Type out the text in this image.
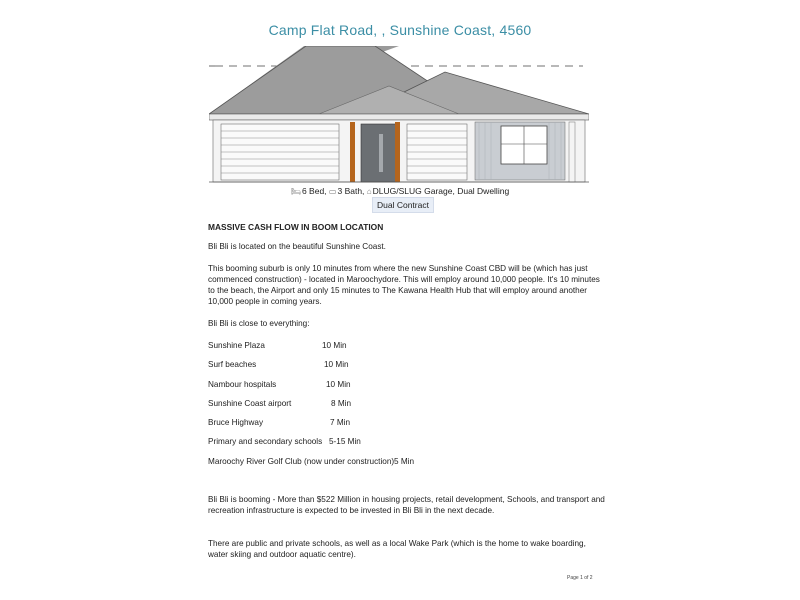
Camp Flat Road, , Sunshine Coast, 4560
🛏︎6 Bed, ▭3 Bath, ⌂DLUG/SLUG Garage, Dual Dwelling
Dual Contract
MASSIVE CASH FLOW IN BOOM LOCATION
Bli Bli is located on the beautiful Sunshine Coast.
This booming suburb is only 10 minutes from where the new Sunshine Coast CBD will be (which has just commenced construction) - located in Maroochydore. This will employ around 10,000 people. It's 10 minutes to the beach, the Airport and only 15 minutes to The Kawana Health Hub that will employ around another 10,000 people in coming years.
Bli Bli is close to everything:
Sunshine Plaza	10 Min
Surf beaches	10 Min
Nambour hospitals	10 Min
Sunshine Coast airport	8 Min
Bruce Highway	7 Min
Primary and secondary schools 5-15 Min
Maroochy River Golf Club (now under construction) 5 Min
Bli Bli is booming - More than $522 Million in housing projects, retail development, Schools, and transport and recreation infrastructure is expected to be invested in Bli Bli in the next decade.
There are public and private schools, as well as a local Wake Park (which is the home to wake boarding, water skiing and outdoor aquatic centre).
Page 1 of 2
